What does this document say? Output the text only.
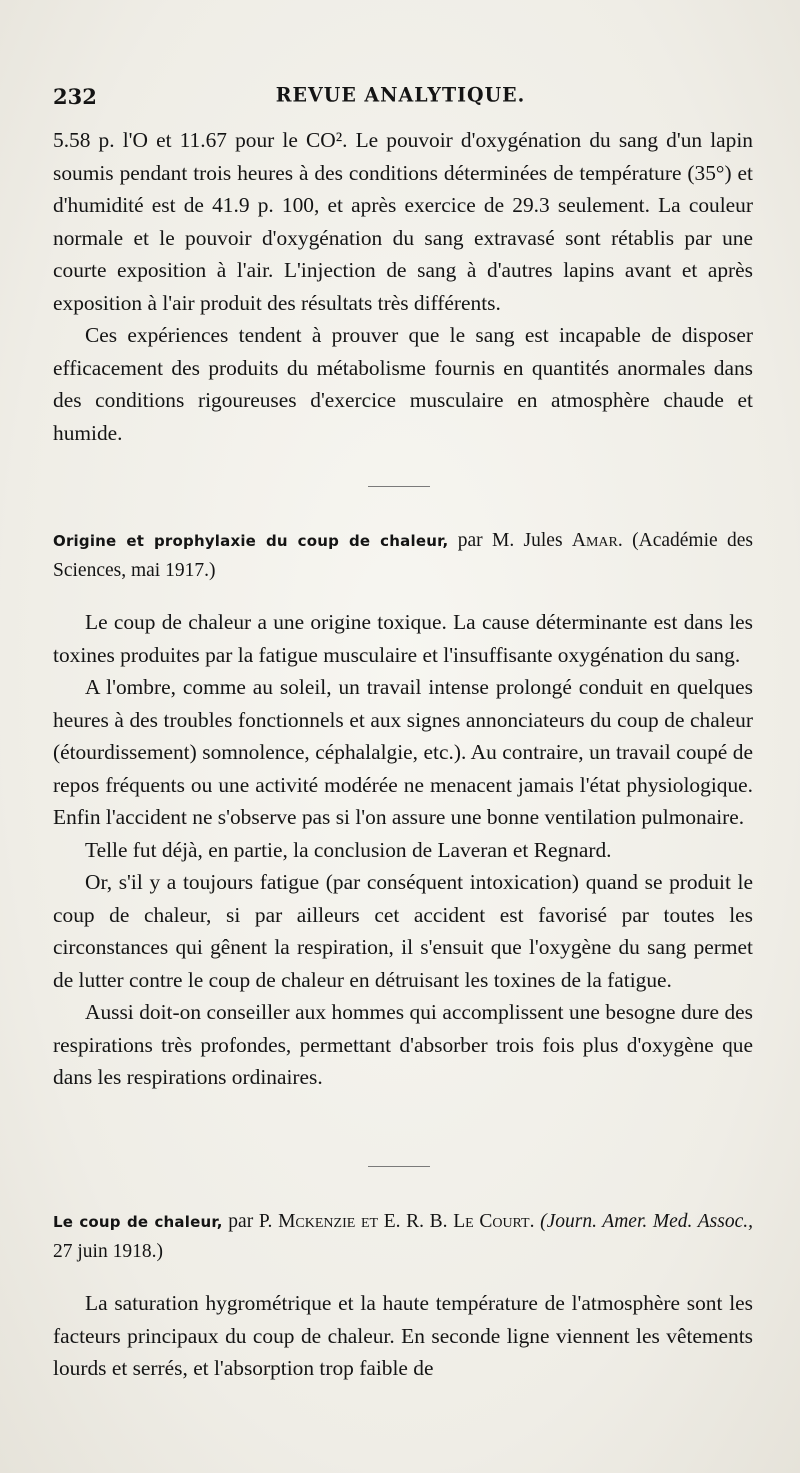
232	REVUE ANALYTIQUE.

5.58 p. l'O et 11.67 pour le CO². Le pouvoir d'oxygénation du sang d'un lapin soumis pendant trois heures à des conditions déterminées de température (35°) et d'humidité est de 41.9 p. 100, et après exercice de 29.3 seulement. La couleur normale et le pouvoir d'oxygénation du sang extravasé sont rétablis par une courte exposition à l'air. L'injection de sang à d'autres lapins avant et après exposition à l'air produit des résultats très différents.

Ces expériences tendent à prouver que le sang est incapable de disposer efficacement des produits du métabolisme fournis en quantités anormales dans des conditions rigoureuses d'exercice musculaire en atmosphère chaude et humide.

Origine et prophylaxie du coup de chaleur, par M. Jules Amar. (Académie des Sciences, mai 1917.)

Le coup de chaleur a une origine toxique. La cause déterminante est dans les toxines produites par la fatigue musculaire et l'insuffisante oxygénation du sang.

A l'ombre, comme au soleil, un travail intense prolongé conduit en quelques heures à des troubles fonctionnels et aux signes annonciateurs du coup de chaleur (étourdissement) somnolence, céphalalgie, etc.). Au contraire, un travail coupé de repos fréquents ou une activité modérée ne menacent jamais l'état physiologique. Enfin l'accident ne s'observe pas si l'on assure une bonne ventilation pulmonaire.

Telle fut déjà, en partie, la conclusion de Laveran et Regnard.

Or, s'il y a toujours fatigue (par conséquent intoxication) quand se produit le coup de chaleur, si par ailleurs cet accident est favorisé par toutes les circonstances qui gênent la respiration, il s'ensuit que l'oxygène du sang permet de lutter contre le coup de chaleur en détruisant les toxines de la fatigue.

Aussi doit-on conseiller aux hommes qui accomplissent une besogne dure des respirations très profondes, permettant d'absorber trois fois plus d'oxygène que dans les respirations ordinaires.

Le coup de chaleur, par P. Mckenzie et E. R. B. Le Court. (Journ. Amer. Med. Assoc., 27 juin 1918.)

La saturation hygrométrique et la haute température de l'atmosphère sont les facteurs principaux du coup de chaleur. En seconde ligne viennent les vêtements lourds et serrés, et l'absorption trop faible de
